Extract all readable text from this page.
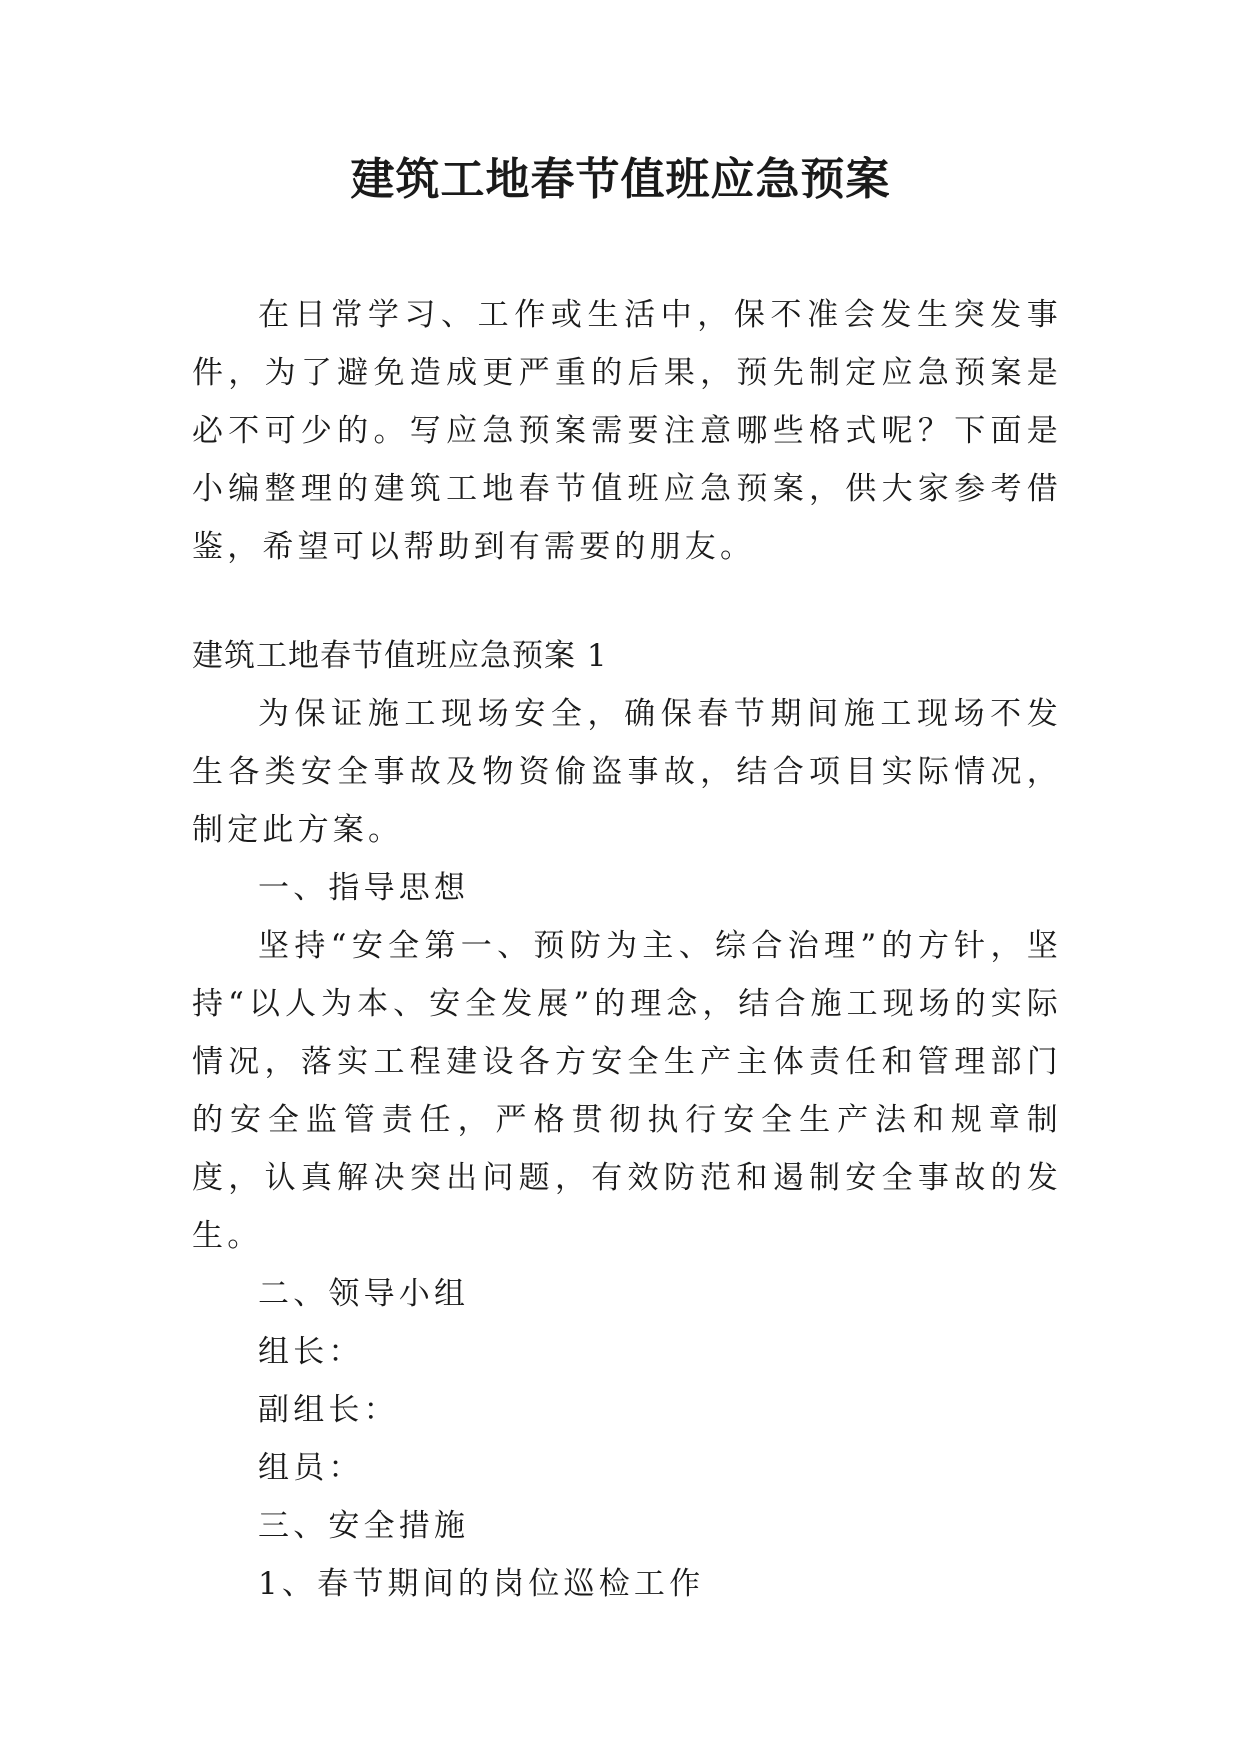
建筑工地春节值班应急预案

在日常学习、工作或生活中，保不准会发生突发事件，为了避免造成更严重的后果，预先制定应急预案是必不可少的。写应急预案需要注意哪些格式呢？下面是小编整理的建筑工地春节值班应急预案，供大家参考借鉴，希望可以帮助到有需要的朋友。

建筑工地春节值班应急预案 1

为保证施工现场安全，确保春节期间施工现场不发生各类安全事故及物资偷盗事故，结合项目实际情况，制定此方案。

一、指导思想

坚持“安全第一、预防为主、综合治理”的方针，坚持“以人为本、安全发展”的理念，结合施工现场的实际情况，落实工程建设各方安全生产主体责任和管理部门的安全监管责任，严格贯彻执行安全生产法和规章制度，认真解决突出问题，有效防范和遏制安全事故的发生。

二、领导小组

组长：

副组长：

组员：

三、安全措施

1、春节期间的岗位巡检工作
